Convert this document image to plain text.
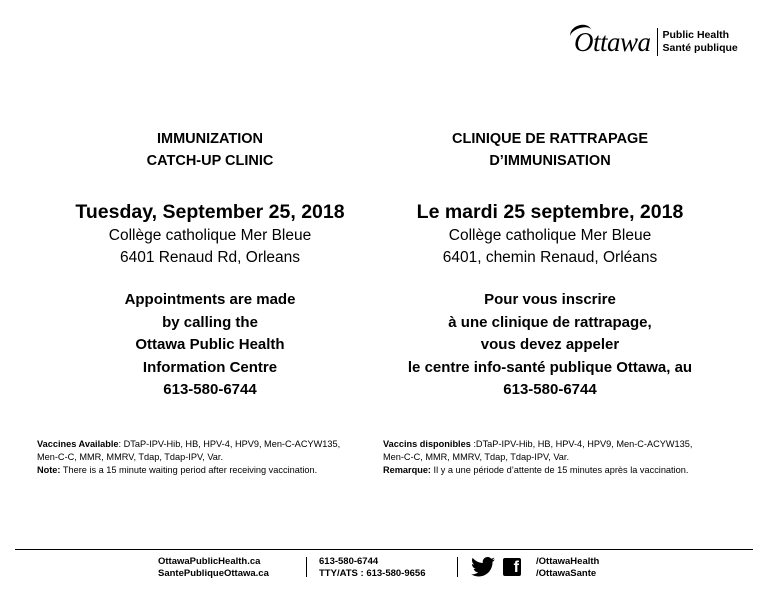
Ottawa Public Health
Santé publique
IMMUNIZATION
CATCH-UP CLINIC
Tuesday, September 25, 2018
Collège catholique Mer Bleue
6401 Renaud Rd, Orleans
Appointments are made
by calling the
Ottawa Public Health
Information Centre
613-580-6744
CLINIQUE DE RATTRAPAGE
D’IMMUNISATION
Le mardi 25 septembre, 2018
Collège catholique Mer Bleue
6401, chemin Renaud, Orléans
Pour vous inscrire
à une clinique de rattrapage,
vous devez appeler
le centre info-santé publique Ottawa, au
613-580-6744
Vaccines Available: DTaP-IPV-Hib, HB, HPV-4, HPV9, Men-C-ACYW135,
Men-C-C, MMR, MMRV, Tdap, Tdap-IPV, Var.
Note: There is a 15 minute waiting period after receiving vaccination.
Vaccins disponibles :DTaP-IPV-Hib, HB, HPV-4, HPV9, Men-C-ACYW135,
Men-C-C, MMR, MMRV, Tdap, Tdap-IPV, Var.
Remarque: Il y a une période d’attente de 15 minutes après la vaccination.
OttawaPublicHealth.ca
SantePubliqueOttawa.ca
613-580-6744
TTY/ATS : 613-580-9656	f /OttawaHealth
/OttawaSante
